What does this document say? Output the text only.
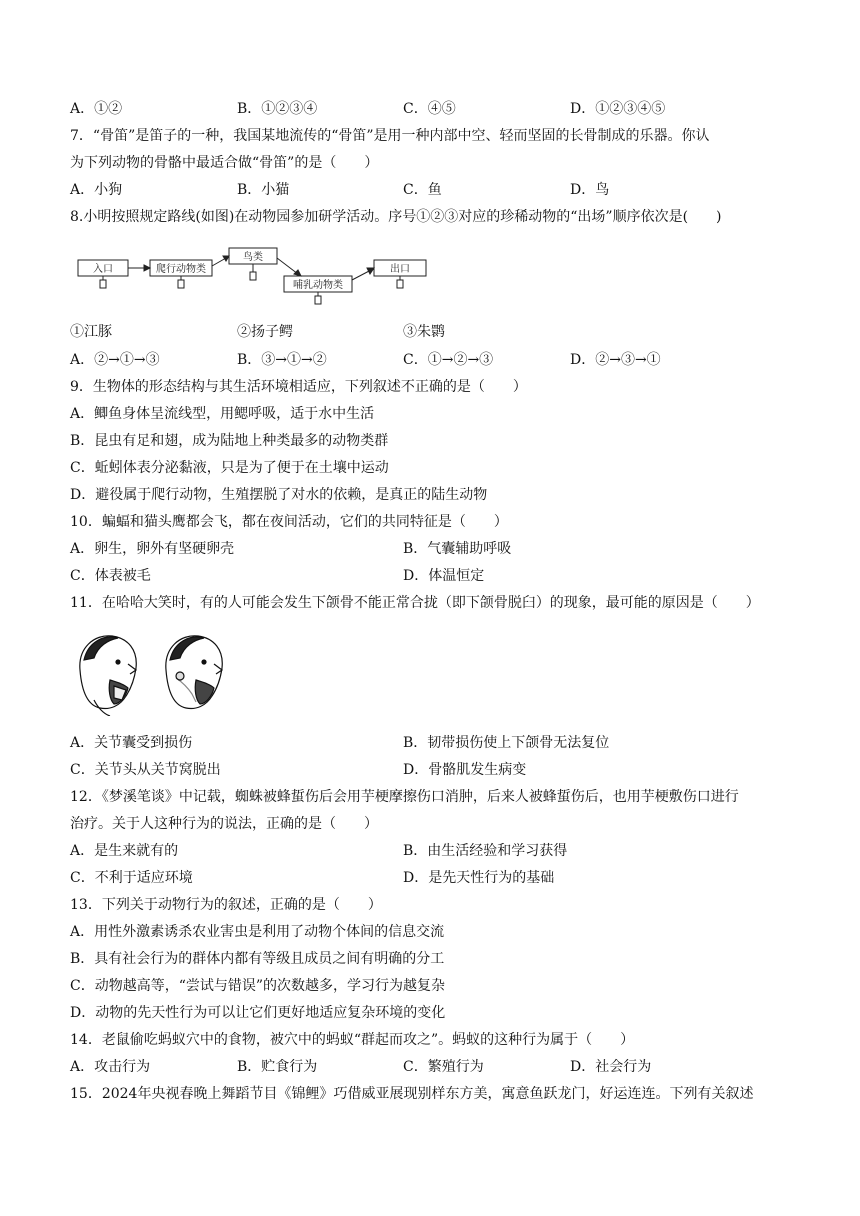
A．①②	B．①②③④	C．④⑤	D．①②③④⑤
7．“骨笛”是笛子的一种，我国某地流传的“骨笛”是用一种内部中空、轻而坚固的长骨制成的乐器。你认
为下列动物的骨骼中最适合做“骨笛”的是（　　）
A．小狗	B．小猫	C．鱼	D．鸟
8.小明按照规定路线(如图)在动物园参加研学活动。序号①②③对应的珍稀动物的“出场”顺序依次是(　　)
入口	爬行动物类
鸟类
哺乳动物类
出口
①江豚	②扬子鳄	③朱鹮
A．②→①→③	B．③→①→②	C．①→②→③	D．②→③→①
9．生物体的形态结构与其生活环境相适应，下列叙述不正确的是（　　）
A．鲫鱼身体呈流线型，用鳃呼吸，适于水中生活
B．昆虫有足和翅，成为陆地上种类最多的动物类群
C．蚯蚓体表分泌黏液，只是为了便于在土壤中运动
D．避役属于爬行动物，生殖摆脱了对水的依赖，是真正的陆生动物
10．蝙蝠和猫头鹰都会飞，都在夜间活动，它们的共同特征是（　　）
A．卵生，卵外有坚硬卵壳	B．气囊辅助呼吸
C．体表被毛	D．体温恒定
11．在哈哈大笑时，有的人可能会发生下颌骨不能正常合拢（即下颌骨脱臼）的现象，最可能的原因是（　　）
A．关节囊受到损伤	B．韧带损伤使上下颌骨无法复位
C．关节头从关节窝脱出	D．骨骼肌发生病变
12．《梦溪笔谈》中记载，蜘蛛被蜂蜇伤后会用芋梗摩擦伤口消肿，后来人被蜂蜇伤后，也用芋梗敷伤口进行
治疗。关于人这种行为的说法，正确的是（　　）
A．是生来就有的	B．由生活经验和学习获得
C．不利于适应环境	D．是先天性行为的基础
13．下列关于动物行为的叙述，正确的是（　　）
A．用性外激素诱杀农业害虫是利用了动物个体间的信息交流
B．具有社会行为的群体内都有等级且成员之间有明确的分工
C．动物越高等，“尝试与错误”的次数越多，学习行为越复杂
D．动物的先天性行为可以让它们更好地适应复杂环境的变化
14．老鼠偷吃蚂蚁穴中的食物，被穴中的蚂蚁“群起而攻之”。蚂蚁的这种行为属于（　　）
A．攻击行为	B．贮食行为	C．繁殖行为	D．社会行为
15．2024年央视春晚上舞蹈节目《锦鲤》巧借威亚展现别样东方美，寓意鱼跃龙门，好运连连。下列有关叙述
